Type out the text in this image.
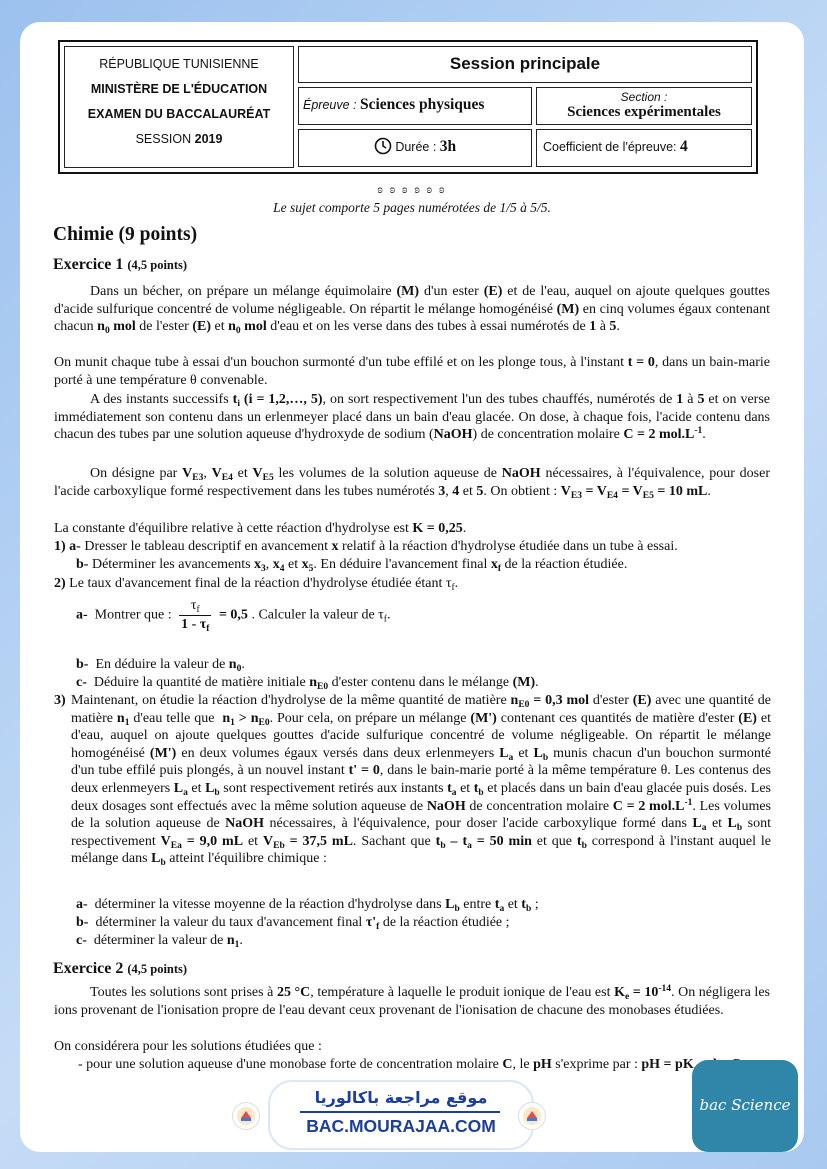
RÉPUBLIQUE TUNISIENNE
MINISTÈRE DE L'ÉDUCATION
EXAMEN DU BACCALAURÉAT
SESSION 2019
Session principale
Épreuve : Sciences physiques	Section :
Sciences expérimentales
Durée : 3h	Coefficient de l'épreuve: 4
ʚ ʚ ʚ ʚ ʚ ʚ
Le sujet comporte 5 pages numérotées de 1/5 à 5/5.
Chimie (9 points)
Exercice 1 (4,5 points)
Dans un bécher, on prépare un mélange équimolaire (M) d'un ester (E) et de l'eau, auquel on ajoute quelques gouttes d'acide sulfurique concentré de volume négligeable. On répartit le mélange homogénéisé (M) en cinq volumes égaux contenant chacun $n_0$ mol de l'ester (E) et $n_0$ mol d'eau et on les verse dans des tubes à essai numérotés de 1 à 5.
On munit chaque tube à essai d'un bouchon surmonté d'un tube effilé et on les plonge tous, à l'instant t = 0, dans un bain-marie porté à une température θ convenable.
A des instants successifs $t_i$ (i = 1,2,…, 5), on sort respectivement l'un des tubes chauffés, numérotés de 1 à 5 et on verse immédiatement son contenu dans un erlenmeyer placé dans un bain d'eau glacée. On dose, à chaque fois, l'acide contenu dans chacun des tubes par une solution aqueuse d'hydroxyde de sodium (NaOH) de concentration molaire C = 2 $mol.L^{-1}$.
On désigne par $V_{E3}$, $V_{E4}$ et $V_{E5}$ les volumes de la solution aqueuse de NaOH nécessaires, à l'équivalence, pour doser l'acide carboxylique formé respectivement dans les tubes numérotés 3, 4 et 5. On obtient : $V_{E3} = V_{E4} = V_{E5} = 10$ mL.
La constante d'équilibre relative à cette réaction d'hydrolyse est K = 0,25.
1) a- Dresser le tableau descriptif en avancement x relatif à la réaction d'hydrolyse étudiée dans un tube à essai.
b- Déterminer les avancements $x_3$, $x_4$ et $x_5$. En déduire l'avancement final $x_f$ de la réaction étudiée.
2) Le taux d'avancement final de la réaction d'hydrolyse étudiée étant $\tau_f$.
a-  Montrer que : $\frac{\tau_f}{1 - \tau_f} = 0,5$ . Calculer la valeur de $\tau_f$.
b-  En déduire la valeur de $n_0$.
c-  Déduire la quantité de matière initiale $n_{E0}$ d'ester contenu dans le mélange (M).
3) Maintenant, on étudie la réaction d'hydrolyse de la même quantité de matière $n_{E0} = 0,3$ mol d'ester (E) avec une quantité de matière $n_1$ d'eau telle que  $n_1 > n_{E0}$. Pour cela, on prépare un mélange (M') contenant ces quantités de matière d'ester (E) et d'eau, auquel on ajoute quelques gouttes d'acide sulfurique concentré de volume négligeable. On répartit le mélange homogénéisé (M') en deux volumes égaux versés dans deux erlenmeyers $L_a$ et $L_b$ munis chacun d'un bouchon surmonté d'un tube effilé puis plongés, à un nouvel instant t' = 0, dans le bain-marie porté à la même température θ. Les contenus des deux erlenmeyers $L_a$ et $L_b$ sont respectivement retirés aux instants $t_a$ et $t_b$ et placés dans un bain d'eau glacée puis dosés. Les deux dosages sont effectués avec la même solution aqueuse de NaOH de concentration molaire C = 2 $mol.L^{-1}$. Les volumes de la solution aqueuse de NaOH nécessaires, à l'équivalence, pour doser l'acide carboxylique formé dans $L_a$ et $L_b$ sont respectivement $V_{Ea} = 9,0$ mL et $V_{Eb} = 37,5$ mL. Sachant que $t_b - t_a = 50$ min et que $t_b$ correspond à l'instant auquel le mélange dans $L_b$ atteint l'équilibre chimique :
a-  déterminer la vitesse moyenne de la réaction d'hydrolyse dans $L_b$ entre $t_a$ et $t_b$ ;
b-  déterminer la valeur du taux d'avancement final $\tau'_f$ de la réaction étudiée ;
c-  déterminer la valeur de $n_1$.
Exercice 2 (4,5 points)
Toutes les solutions sont prises à 25 °C, température à laquelle le produit ionique de l'eau est $K_e = 10^{-14}$. On négligera les ions provenant de l'ionisation propre de l'eau devant ceux provenant de l'ionisation de chacune des monobases étudiées.
On considérera pour les solutions étudiées que :
- pour une solution aqueuse d'une monobase forte de concentration molaire C, le pH s'exprime par : pH = pK
موقع مراجعة باكالوريا
BAC.MOURAJAA.COM
bac Science
